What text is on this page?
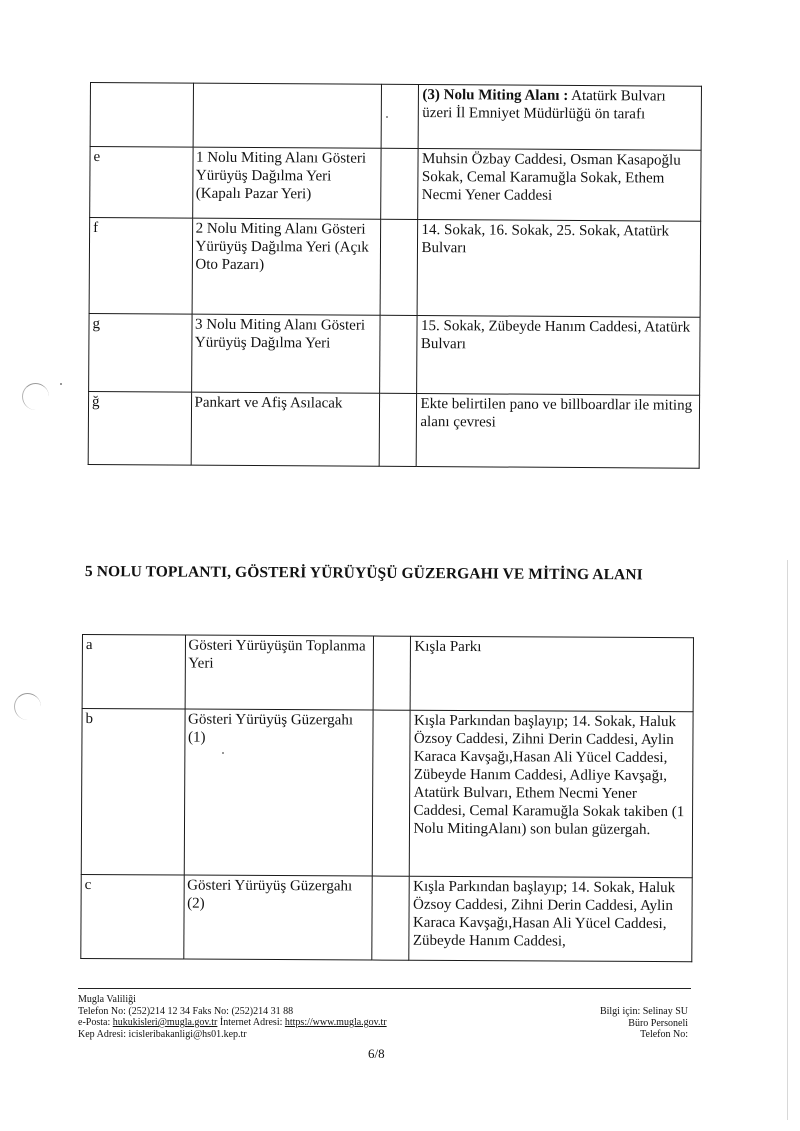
			(3) Nolu Miting Alanı : Atatürk Bulvarı üzeri İl Emniyet Müdürlüğü ön tarafı
e	1 Nolu Miting Alanı Gösteri Yürüyüş Dağılma Yeri (Kapalı Pazar Yeri)		Muhsin Özbay Caddesi, Osman Kasapoğlu Sokak, Cemal Karamuğla Sokak, Ethem Necmi Yener Caddesi
f	2 Nolu Miting Alanı Gösteri Yürüyüş Dağılma Yeri (Açık Oto Pazarı)		14. Sokak, 16. Sokak, 25. Sokak, Atatürk Bulvarı
g	3 Nolu Miting Alanı Gösteri Yürüyüş Dağılma Yeri		15. Sokak, Zübeyde Hanım Caddesi, Atatürk Bulvarı
ğ	Pankart ve Afiş Asılacak		Ekte belirtilen pano ve billboardlar ile miting alanı çevresi
5 NOLU TOPLANTI, GÖSTERİ YÜRÜYÜŞÜ GÜZERGAHI VE MİTİNG ALANI
a	Gösteri Yürüyüşün Toplanma Yeri		Kışla Parkı
b	Gösteri Yürüyüş Güzergahı (1)		Kışla Parkından başlayıp; 14. Sokak, Haluk Özsoy Caddesi, Zihni Derin Caddesi, Aylin Karaca Kavşağı,Hasan Ali Yücel Caddesi, Zübeyde Hanım Caddesi, Adliye Kavşağı, Atatürk Bulvarı, Ethem Necmi Yener Caddesi, Cemal Karamuğla Sokak takiben (1 Nolu MitingAlanı) son bulan güzergah.
c	Gösteri Yürüyüş Güzergahı (2)		Kışla Parkından başlayıp; 14. Sokak, Haluk Özsoy Caddesi, Zihni Derin Caddesi, Aylin Karaca Kavşağı,Hasan Ali Yücel Caddesi, Zübeyde Hanım Caddesi,
Mugla Valiliği
Telefon No: (252)214 12 34 Faks No: (252)214 31 88
e-Posta: hukukisleri@mugla.gov.tr İnternet Adresi: https://www.mugla.gov.tr
Kep Adresi: icisleribakanligi@hs01.kep.tr
Bilgi için: Selinay SU
Büro Personeli
Telefon No:
6/8
